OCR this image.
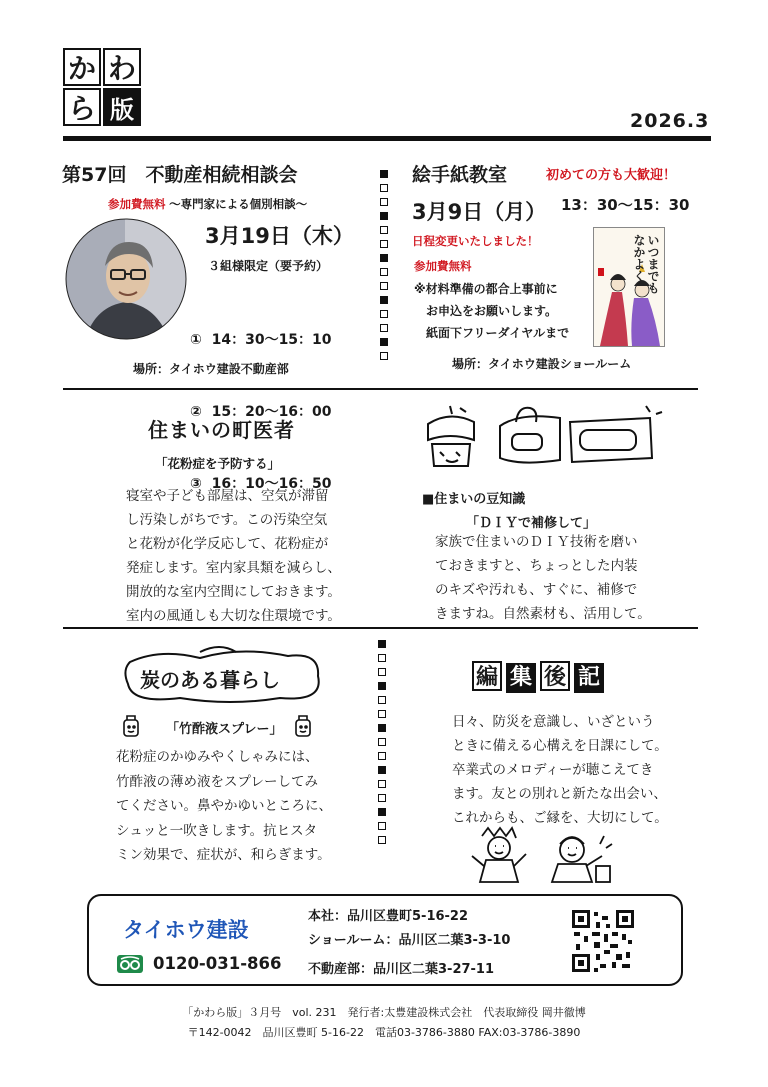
か わ
ら 版	2026.3
第57回　不動産相続相談会
参加費無料 ～専門家による個別相談～
3月19日（木）
３組様限定（要予約）

①  14：30〜15：10

②  15：20〜16：00

③  16：10〜16：50

場所：タイホウ建設不動産部
絵手紙教室	初めての方も大歓迎！
3月9日（月） 13：30〜15：30
日程変更いたしました！
参加費無料
※材料準備の都合上事前に
お申込をお願いします。
紙面下フリーダイヤルまで
場所：タイホウ建設ショールーム
いつまでもなかよく
住まいの町医者
「花粉症を予防する」
寝室や子ども部屋は、空気が滞留
し汚染しがちです。この汚染空気
と花粉が化学反応して、花粉症が
発症します。室内家具類を減らし、
開放的な室内空間にしておきます。
室内の風通しも大切な住環境です。
■住まいの豆知識
「ＤＩＹで補修して」
家族で住まいのＤＩＹ技術を磨い
ておきますと、ちょっとした内装
のキズや汚れも、すぐに、補修で
きますね。自然素材も、活用して。
炭のある暮らし
「竹酢液スプレー」
花粉症のかゆみやくしゃみには、
竹酢液の薄め液をスプレーしてみ
てください。鼻やかゆいところに、
シュッと一吹きします。抗ヒスタ
ミン効果で、症状が、和らぎます。
編 集 後 記
日々、防災を意識し、いざという
ときに備える心構えを日課にして。
卒業式のメロディーが聴こえてき
ます。友との別れと新たな出会い、
これからも、ご縁を、大切にして。
タイホウ建設
0120-031-866
本社：品川区豊町5-16-22
ショールーム：品川区二葉3-3-10
不動産部：品川区二葉3-27-11
「かわら版」３月号　vol. 231　発行者:太豊建設株式会社　代表取締役 岡井徹博
〒142-0042　品川区豊町 5-16-22　電話03-3786-3880 FAX:03-3786-3890
